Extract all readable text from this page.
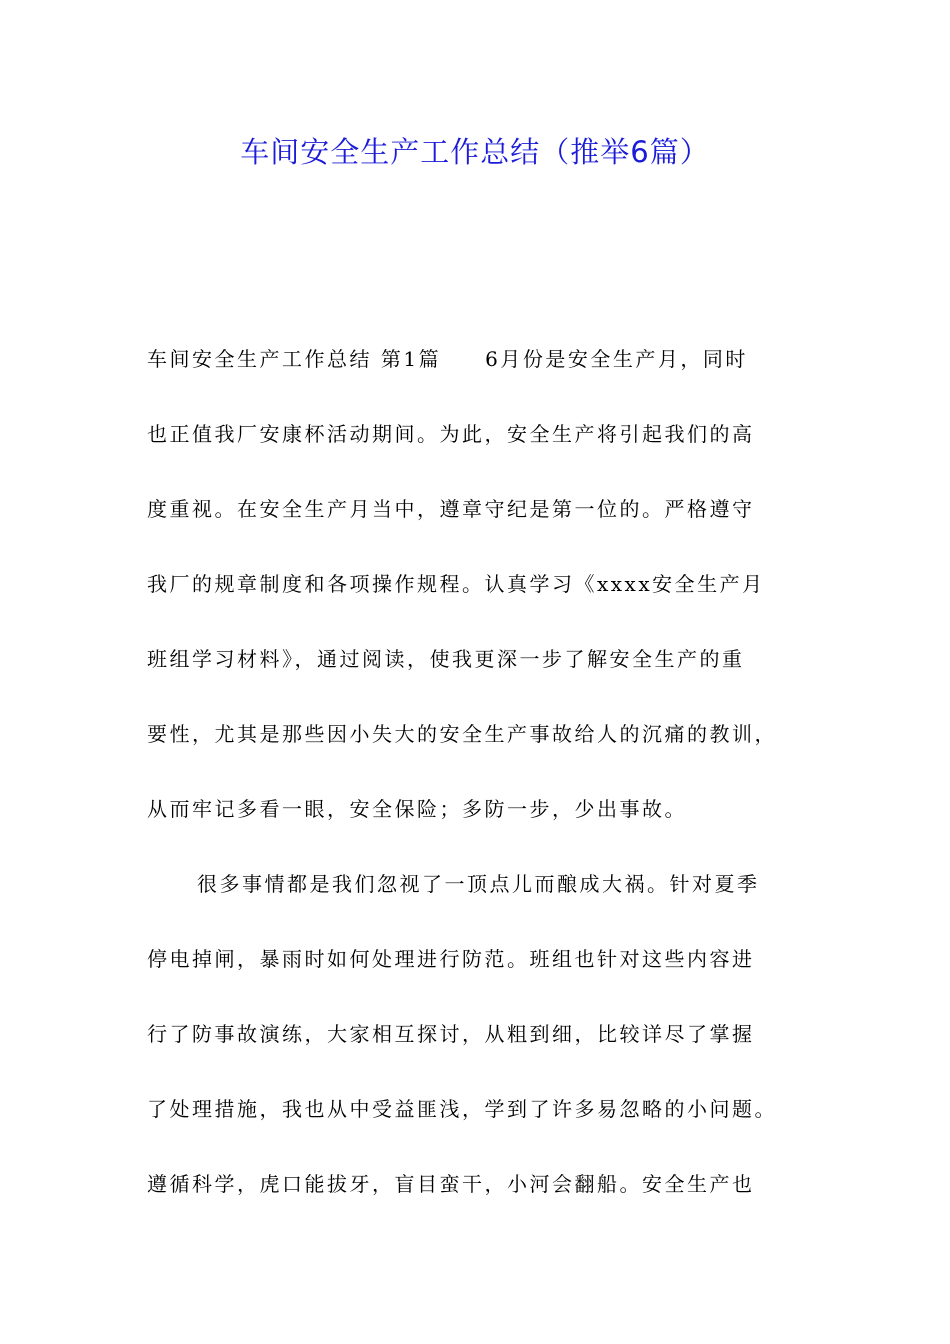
车间安全生产工作总结（推举6篇）
车间安全生产工作总结 第1篇 6月份是安全生产月，同时
也正值我厂安康杯活动期间。为此，安全生产将引起我们的高
度重视。在安全生产月当中，遵章守纪是第一位的。严格遵守
我厂的规章制度和各项操作规程。认真学习《xxxx安全生产月
班组学习材料》，通过阅读，使我更深一步了解安全生产的重
要性，尤其是那些因小失大的安全生产事故给人的沉痛的教训，
从而牢记多看一眼，安全保险；多防一步，少出事故。
很多事情都是我们忽视了一顶点儿而酿成大祸。针对夏季
停电掉闸，暴雨时如何处理进行防范。班组也针对这些内容进
行了防事故演练，大家相互探讨，从粗到细，比较详尽了掌握
了处理措施，我也从中受益匪浅，学到了许多易忽略的小问题。
遵循科学，虎口能拔牙，盲目蛮干，小河会翻船。安全生产也
